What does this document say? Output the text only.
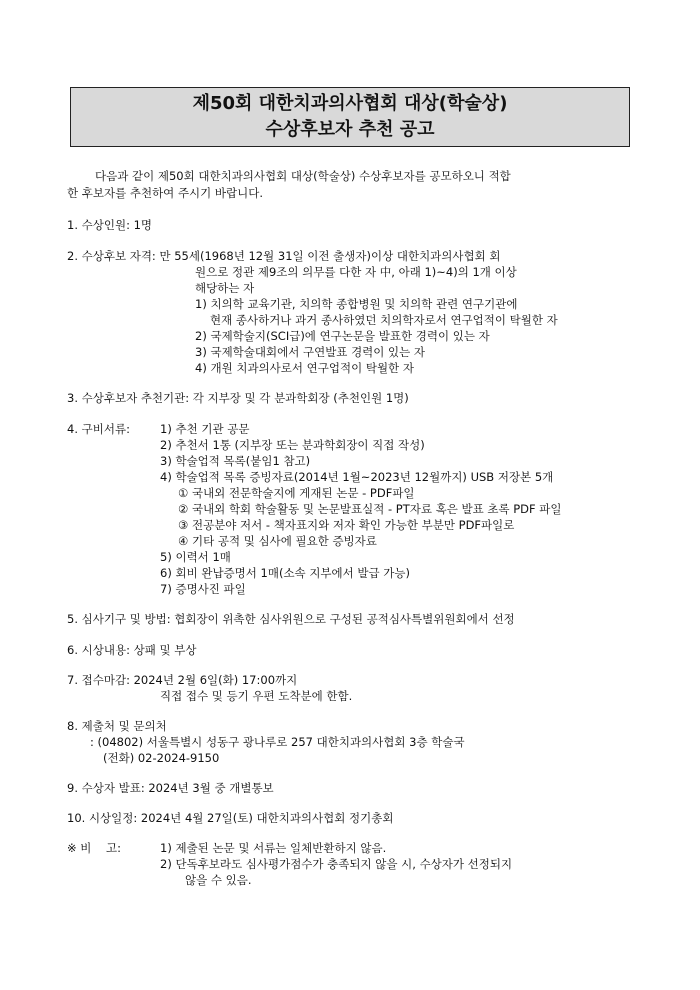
제50회 대한치과의사협회 대상(학술상)
수상후보자 추천 공고
다음과 같이 제50회 대한치과의사협회 대상(학술상) 수상후보자를 공모하오니 적합
한 후보자를 추천하여 주시기 바랍니다.
1. 수상인원: 1명
2. 수상후보 자격: 만 55세(1968년 12월 31일 이전 출생자)이상 대한치과의사협회 회
원으로 정관 제9조의 의무를 다한 자 中, 아래 1)~4)의 1개 이상
해당하는 자
1) 치의학 교육기관, 치의학 종합병원 및 치의학 관련 연구기관에
현재 종사하거나 과거 종사하였던 치의학자로서 연구업적이 탁월한 자
2) 국제학술지(SCI급)에 연구논문을 발표한 경력이 있는 자
3) 국제학술대회에서 구연발표 경력이 있는 자
4) 개원 치과의사로서 연구업적이 탁월한 자
3. 수상후보자 추천기관: 각 지부장 및 각 분과학회장 (추천인원 1명)
4. 구비서류:	1) 추천 기관 공문
2) 추천서 1통 (지부장 또는 분과학회장이 직접 작성)
3) 학술업적 목록(붙임1 참고)
4) 학술업적 목록 증빙자료(2014년 1월~2023년 12월까지) USB 저장본 5개
① 국내외 전문학술지에 게재된 논문 - PDF파일
② 국내외 학회 학술활동 및 논문발표실적 - PT자료 혹은 발표 초록 PDF 파일
③ 전공분야 저서 - 책자표지와 저자 확인 가능한 부분만 PDF파일로
④ 기타 공적 및 심사에 필요한 증빙자료
5) 이력서 1매
6) 회비 완납증명서 1매(소속 지부에서 발급 가능)
7) 증명사진 파일
5. 심사기구 및 방법: 협회장이 위촉한 심사위원으로 구성된 공적심사특별위원회에서 선정
6. 시상내용: 상패 및 부상
7. 접수마감: 2024년 2월 6일(화) 17:00까지
직접 접수 및 등기 우편 도착분에 한함.
8. 제출처 및 문의처
: (04802) 서울특별시 성동구 광나루로 257 대한치과의사협회 3층 학술국
(전화) 02-2024-9150
9. 수상자 발표: 2024년 3월 중 개별통보
10. 시상일정: 2024년 4월 27일(토) 대한치과의사협회 정기총회
※ 비    고:	1) 제출된 논문 및 서류는 일체반환하지 않음.
2) 단독후보라도 심사평가점수가 충족되지 않을 시, 수상자가 선정되지
않을 수 있음.
